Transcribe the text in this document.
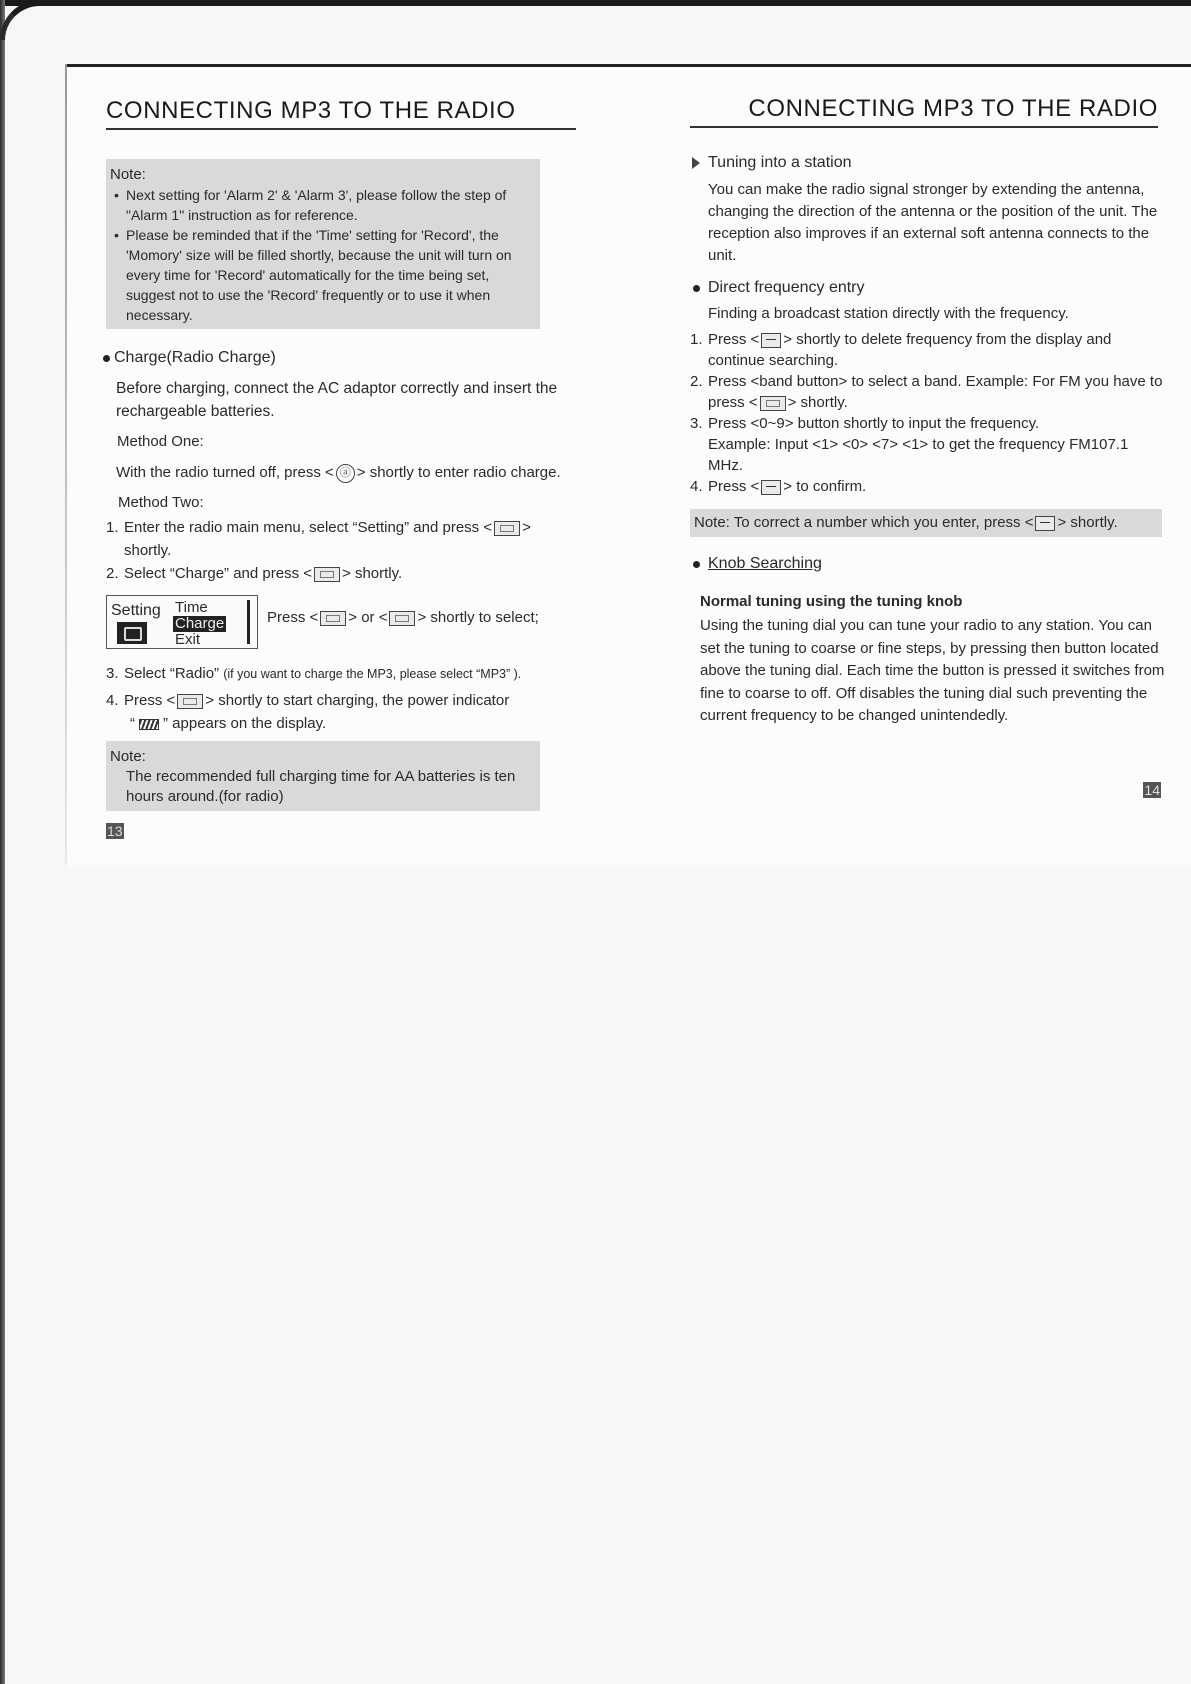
CONNECTING MP3 TO THE RADIO
Note:
• Next setting for 'Alarm 2' & 'Alarm 3', please follow the step of "Alarm 1" instruction as for reference.
• Please be reminded that if the 'Time' setting for 'Record', the 'Momory' size will be filled shortly, because the unit will turn on every time for 'Record' automatically for the time being set, suggest not to use the 'Record' frequently or to use it when necessary.
Charge(Radio Charge)

Before charging, connect the AC adaptor correctly and insert the rechargeable batteries.

Method One:

With the radio turned off, press < ⓐ > shortly to enter radio charge.

Method Two:

1. Enter the radio main menu, select “Setting” and press < > shortly.
2. Select “Charge” and press < > shortly.
Setting Time
Charge
Exit
Press < > or < > shortly to select;
3. Select “Radio” (if you want to charge the MP3, please select “MP3” ).
4. Press < > shortly to start charging, the power indicator
“ ” appears on the display.
Note:
The recommended full charging time for AA batteries is ten hours around.(for radio)
13
CONNECTING MP3 TO THE RADIO
Tuning into a station

You can make the radio signal stronger by extending the antenna, changing the direction of the antenna or the position of the unit. The reception also improves if an external soft antenna connects to the unit.

Direct frequency entry

Finding a broadcast station directly with the frequency.

1. Press < > shortly to delete frequency from the display and continue searching.
2. Press <band button> to select a band. Example: For FM you have to press < > shortly.
3. Press <0~9> button shortly to input the frequency.
Example: Input <1> <0> <7> <1> to get the frequency FM107.1 MHz.
4. Press < > to confirm.
Note: To correct a number which you enter, press < > shortly.
Knob Searching
Normal tuning using the tuning knob

Using the tuning dial you can tune your radio to any station. You can set the tuning to coarse or fine steps, by pressing then button located above the tuning dial. Each time the button is pressed it switches from fine to coarse to off. Off disables the tuning dial such preventing the current frequency to be changed unintendedly.

14
